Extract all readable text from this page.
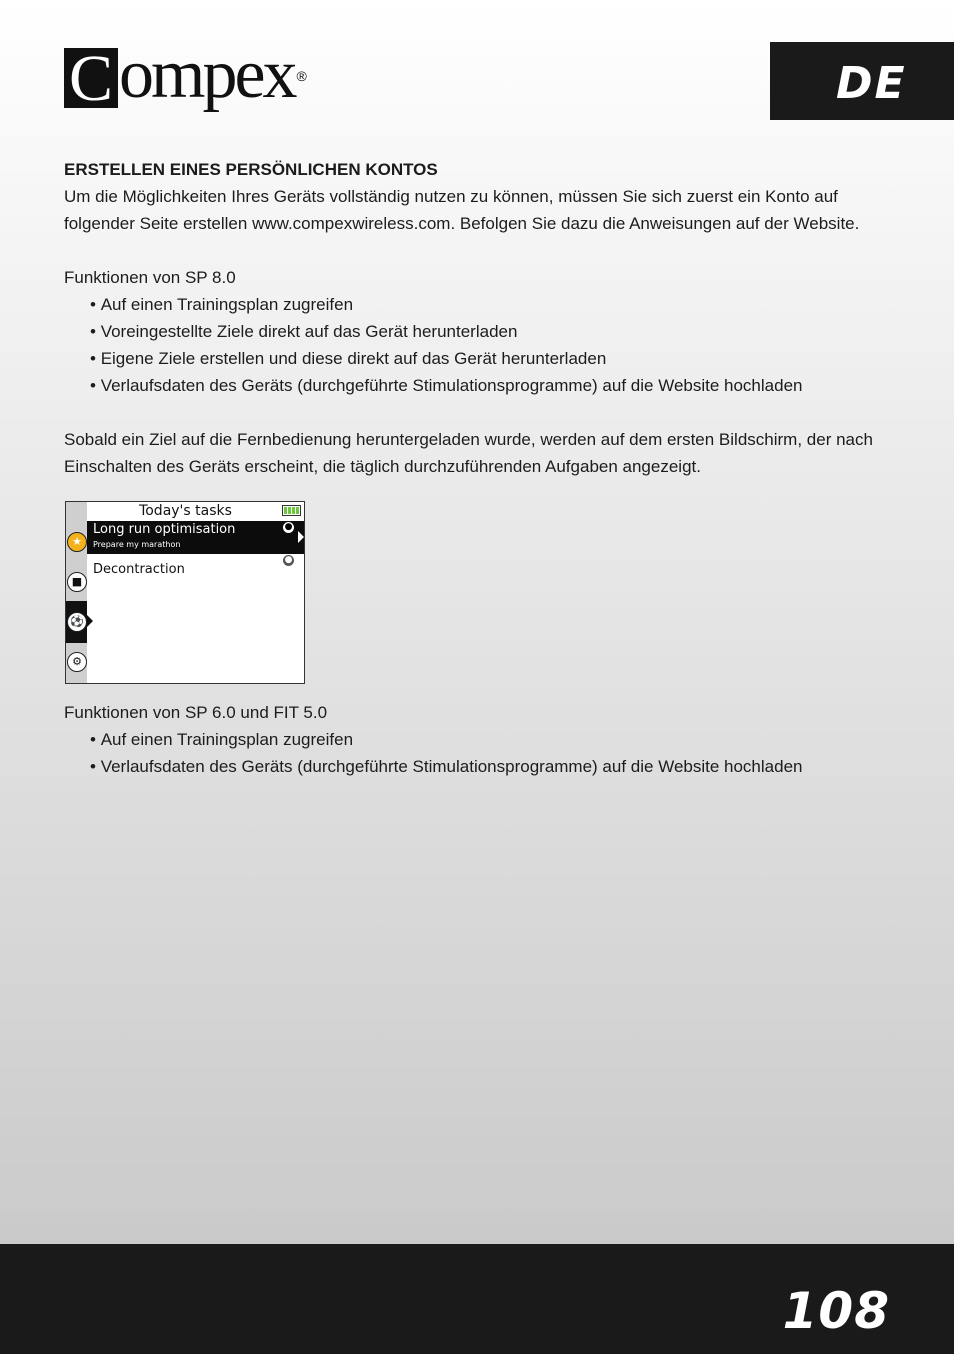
C ompex ®	DE

ERSTELLEN EINES PERSÖNLICHEN KONTOS

Um die Möglichkeiten Ihres Geräts vollständig nutzen zu können, müssen Sie sich zuerst ein Konto auf folgender Seite erstellen www.compexwireless.com. Befolgen Sie dazu die Anweisungen auf der Website.

Funktionen von SP 8.0

• Auf einen Trainingsplan zugreifen
• Voreingestellte Ziele direkt auf das Gerät herunterladen
• Eigene Ziele erstellen und diese direkt auf das Gerät herunterladen
• Verlaufsdaten des Geräts (durchgeführte Stimulationsprogramme) auf die Website hochladen

Sobald ein Ziel auf die Fernbedienung heruntergeladen wurde, werden auf dem ersten Bildschirm, der nach Einschalten des Geräts erscheint, die täglich durchzuführenden Aufgaben angezeigt.

Today's tasks
Long run optimisation
Prepare my marathon
●
Decontraction
●
★
■
⚽
⚙

Funktionen von SP 6.0 und FIT 5.0

• Auf einen Trainingsplan zugreifen
• Verlaufsdaten des Geräts (durchgeführte Stimulationsprogramme) auf die Website hochladen
108
